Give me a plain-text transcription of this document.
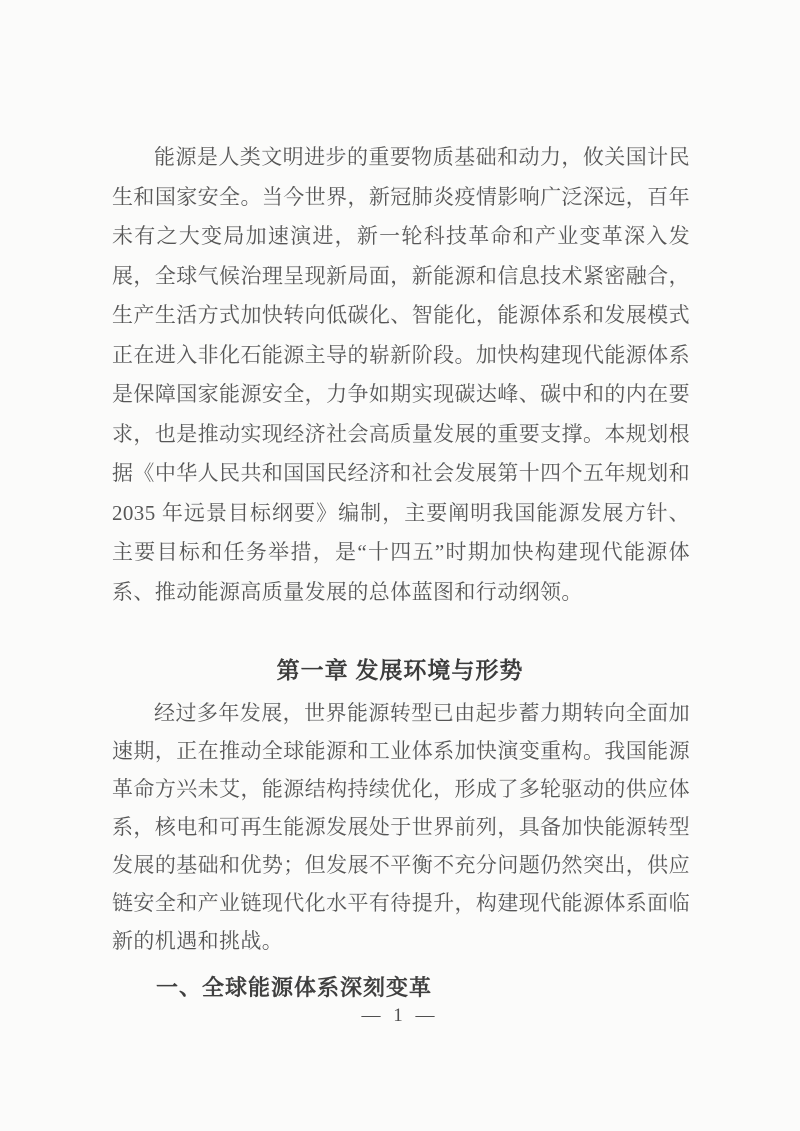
能源是人类文明进步的重要物质基础和动力，攸关国计民生和国家安全。当今世界，新冠肺炎疫情影响广泛深远，百年未有之大变局加速演进，新一轮科技革命和产业变革深入发展，全球气候治理呈现新局面，新能源和信息技术紧密融合，生产生活方式加快转向低碳化、智能化，能源体系和发展模式正在进入非化石能源主导的崭新阶段。加快构建现代能源体系是保障国家能源安全，力争如期实现碳达峰、碳中和的内在要求，也是推动实现经济社会高质量发展的重要支撑。本规划根据《中华人民共和国国民经济和社会发展第十四个五年规划和 2035 年远景目标纲要》编制，主要阐明我国能源发展方针、主要目标和任务举措，是“十四五”时期加快构建现代能源体系、推动能源高质量发展的总体蓝图和行动纲领。

第一章 发展环境与形势

经过多年发展，世界能源转型已由起步蓄力期转向全面加速期，正在推动全球能源和工业体系加快演变重构。我国能源革命方兴未艾，能源结构持续优化，形成了多轮驱动的供应体系，核电和可再生能源发展处于世界前列，具备加快能源转型发展的基础和优势；但发展不平衡不充分问题仍然突出，供应链安全和产业链现代化水平有待提升，构建现代能源体系面临新的机遇和挑战。

一、全球能源体系深刻变革
— 1 —
